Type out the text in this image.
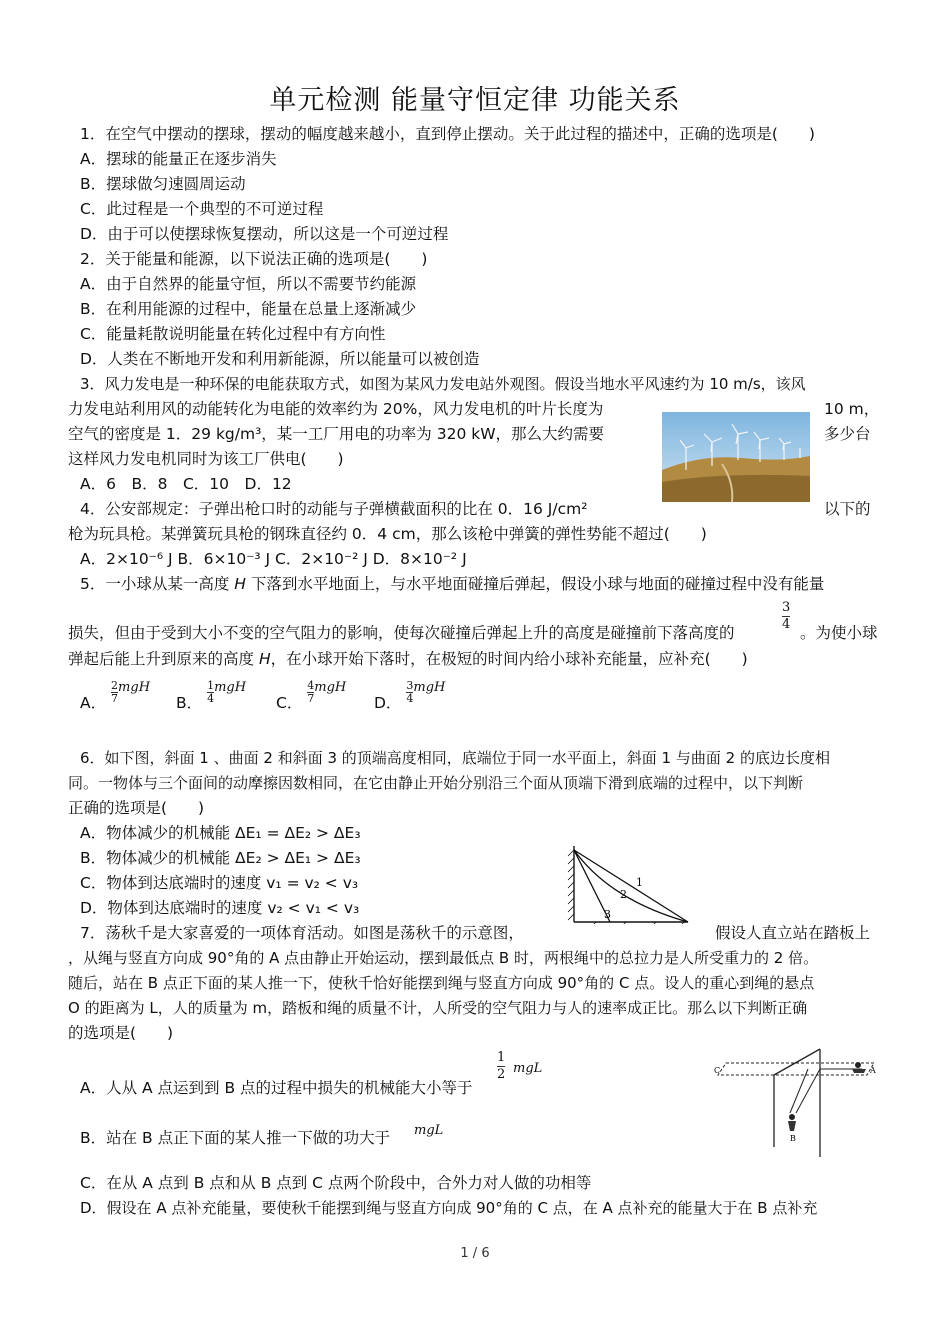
单元检测 能量守恒定律 功能关系
1．在空气中摆动的摆球，摆动的幅度越来越小，直到停止摆动。关于此过程的描述中，正确的选项是(　　)
A．摆球的能量正在逐步消失
B．摆球做匀速圆周运动
C．此过程是一个典型的不可逆过程
D．由于可以使摆球恢复摆动，所以这是一个可逆过程
2．关于能量和能源，以下说法正确的选项是(　　)
A．由于自然界的能量守恒，所以不需要节约能源
B．在利用能源的过程中，能量在总量上逐渐减少
C．能量耗散说明能量在转化过程中有方向性
D．人类在不断地开发和利用新能源，所以能量可以被创造
3．风力发电是一种环保的电能获取方式，如图为某风力发电站外观图。假设当地水平风速约为 10 m/s，该风
力发电站利用风的动能转化为电能的效率约为 20%，风力发电机的叶片长度为	10 m，
空气的密度是 1．29 kg/m³，某一工厂用电的功率为 320 kW，那么大约需要	多少台
这样风力发电机同时为该工厂供电(　　)
A．6　B．8　C．10　D．12
4．公安部规定：子弹出枪口时的动能与子弹横截面积的比在 0．16 J/cm²	以下的
枪为玩具枪。某弹簧玩具枪的钢珠直径约 0．4 cm，那么该枪中弹簧的弹性势能不超过(　　)
A．2×10⁻⁶ J B．6×10⁻³ J C．2×10⁻² J D．8×10⁻² J
5．一小球从某一高度 H 下落到水平地面上，与水平地面碰撞后弹起，假设小球与地面的碰撞过程中没有能量
损失，但由于受到大小不变的空气阻力的影响，使每次碰撞后弹起上升的高度是碰撞前下落高度的	$\frac{3}{4}$ 。为使小球
弹起后能上升到原来的高度 H，在小球开始下落时，在极短的时间内给小球补充能量，应补充(　　)
A． $\frac{2}{7} ^{mgH}$
B． $\frac{1}{4} ^{mgH}$
C． $\frac{4}{7} ^{mgH}$
D． $\frac{3}{4} ^{mgH}$
6．如下图，斜面 1 、曲面 2 和斜面 3 的顶端高度相同，底端位于同一水平面上，斜面 1 与曲面 2 的底边长度相
同。一物体与三个面间的动摩擦因数相同，在它由静止开始分别沿三个面从顶端下滑到底端的过程中，以下判断
正确的选项是(　　)
A．物体减少的机械能 ΔE₁ = ΔE₂ > ΔE₃
B．物体减少的机械能 ΔE₂ > ΔE₁ > ΔE₃
C．物体到达底端时的速度 v₁ = v₂ < v₃
D．物体到达底端时的速度 v₂ < v₁ < v₃
1
2
3
7．荡秋千是大家喜爱的一项体育活动。如图是荡秋千的示意图，	假设人直立站在踏板上
，从绳与竖直方向成 90°角的 A 点由静止开始运动，摆到最低点 B 时，两根绳中的总拉力是人所受重力的 2 倍。
随后，站在 B 点正下面的某人推一下，使秋千恰好能摆到绳与竖直方向成 90°角的 C 点。设人的重心到绳的悬点
O 的距离为 L，人的质量为 m，踏板和绳的质量不计，人所受的空气阻力与人的速率成正比。那么以下判断正确
的选项是(　　)
A．人从 A 点运到到 B 点的过程中损失的机械能大小等于
$\frac{1}{2}$ mgL
B．站在 B 点正下面的某人推一下做的功大于 mgL
C．在从 A 点到 B 点和从 B 点到 C 点两个阶段中，合外力对人做的功相等
D．假设在 A 点补充能量，要使秋千能摆到绳与竖直方向成 90°角的 C 点，在 A 点补充的能量大于在 B 点补充
C	A
B
1 / 6
